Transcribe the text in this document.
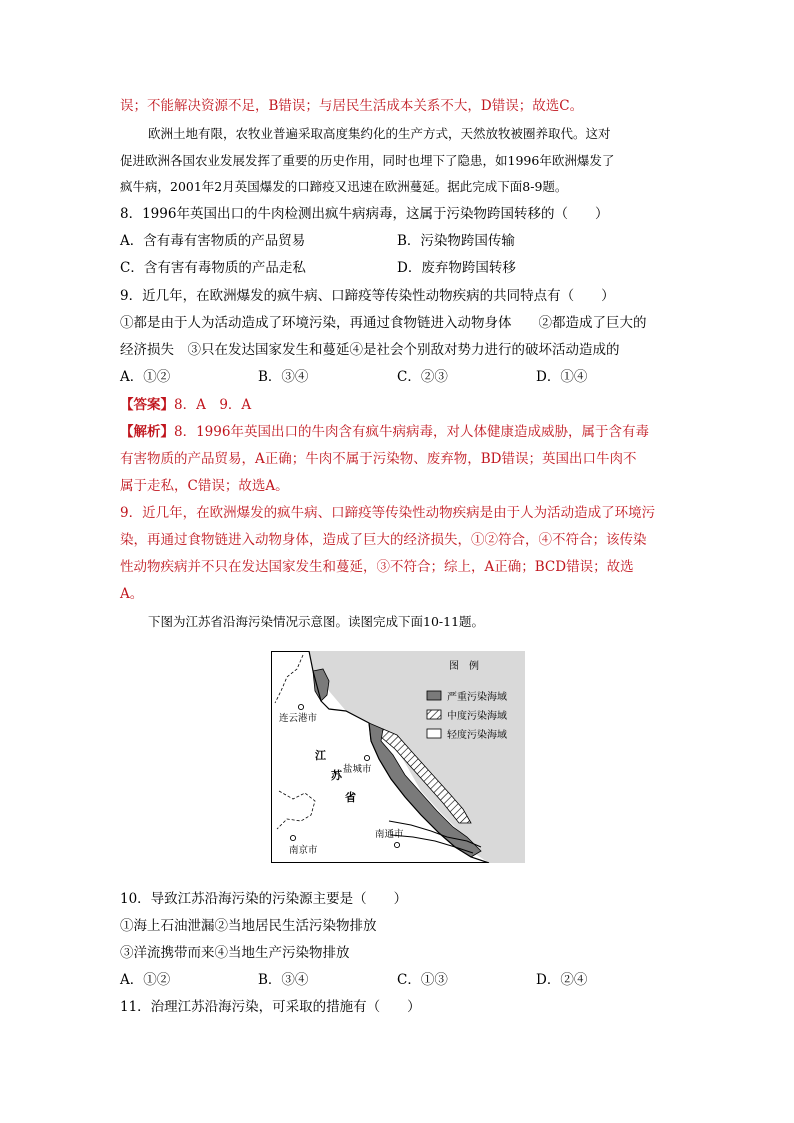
误；不能解决资源不足，B错误；与居民生活成本关系不大，D错误；故选C。
欧洲土地有限，农牧业普遍采取高度集约化的生产方式，天然放牧被圈养取代。这对
促进欧洲各国农业发展发挥了重要的历史作用，同时也埋下了隐患，如1996年欧洲爆发了
疯牛病，2001年2月英国爆发的口蹄疫又迅速在欧洲蔓延。据此完成下面8-9题。
8．1996年英国出口的牛肉检测出疯牛病病毒，这属于污染物跨国转移的（　　）
A．含有毒有害物质的产品贸易	B．污染物跨国传输
C．含有害有毒物质的产品走私	D．废弃物跨国转移
9．近几年，在欧洲爆发的疯牛病、口蹄疫等传染性动物疾病的共同特点有（　　）
①都是由于人为活动造成了环境污染，再通过食物链进入动物身体　　②都造成了巨大的
经济损失　③只在发达国家发生和蔓延④是社会个别敌对势力进行的破坏活动造成的
A．①②	B．③④	C．②③	D．①④
【答案】8．A　9．A
【解析】8．1996年英国出口的牛肉含有疯牛病病毒，对人体健康造成威胁，属于含有毒
有害物质的产品贸易，A正确；牛肉不属于污染物、废弃物，BD错误；英国出口牛肉不
属于走私，C错误；故选A。
9．近几年，在欧洲爆发的疯牛病、口蹄疫等传染性动物疾病是由于人为活动造成了环境污
染，再通过食物链进入动物身体，造成了巨大的经济损失，①②符合，④不符合；该传染
性动物疾病并不只在发达国家发生和蔓延，③不符合；综上，A正确；BCD错误；故选
A。
下图为江苏省沿海污染情况示意图。读图完成下面10-11题。
连云港市
盐城市
南通市
南京市
江
苏
省
图　例
严重污染海域
中度污染海域
轻度污染海域
10．导致江苏沿海污染的污染源主要是（　　）
①海上石油泄漏②当地居民生活污染物排放
③洋流携带而来④当地生产污染物排放
A．①②	B．③④	C．①③	D．②④
11．治理江苏沿海污染，可采取的措施有（　　）
